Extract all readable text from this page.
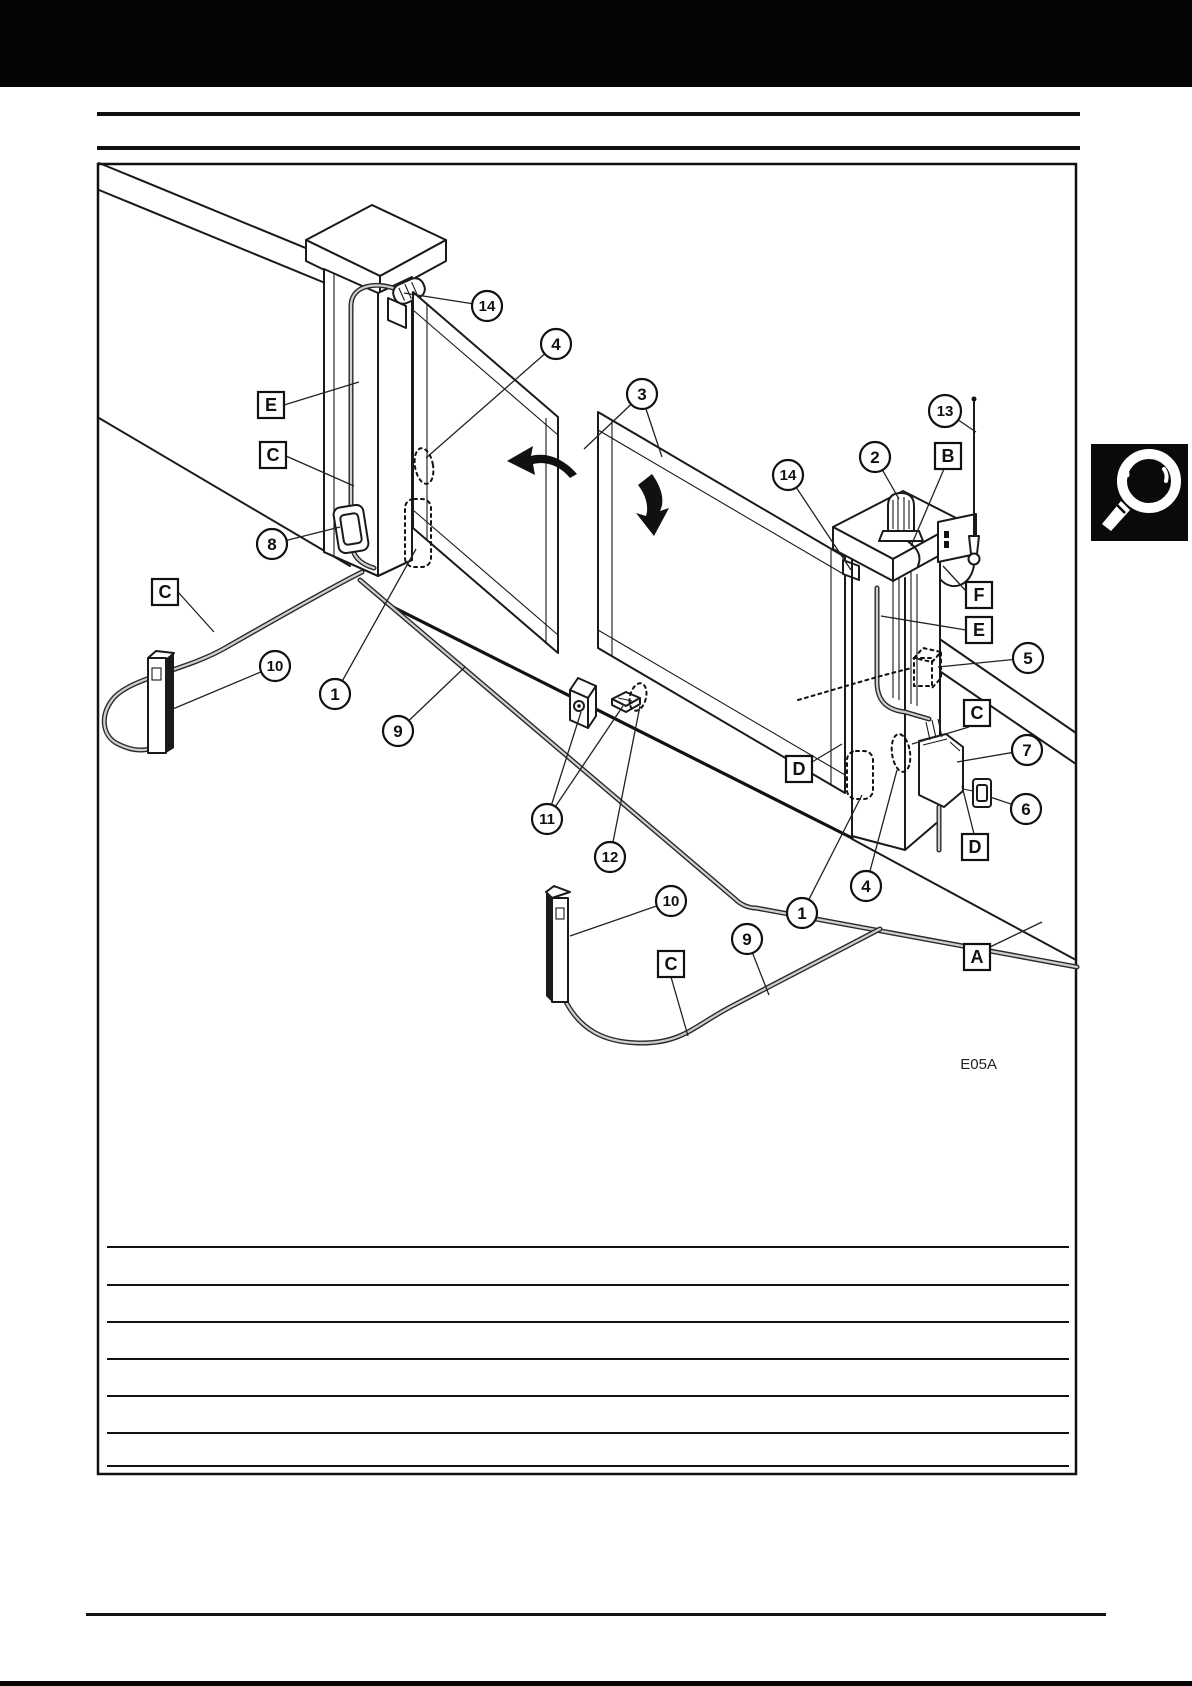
14
4
3
13
2
14
8
10
1
9
5
7
6
11
12
10
4
1
9
E
C
C
B
F
E
C
D
D
C	A
E05A
